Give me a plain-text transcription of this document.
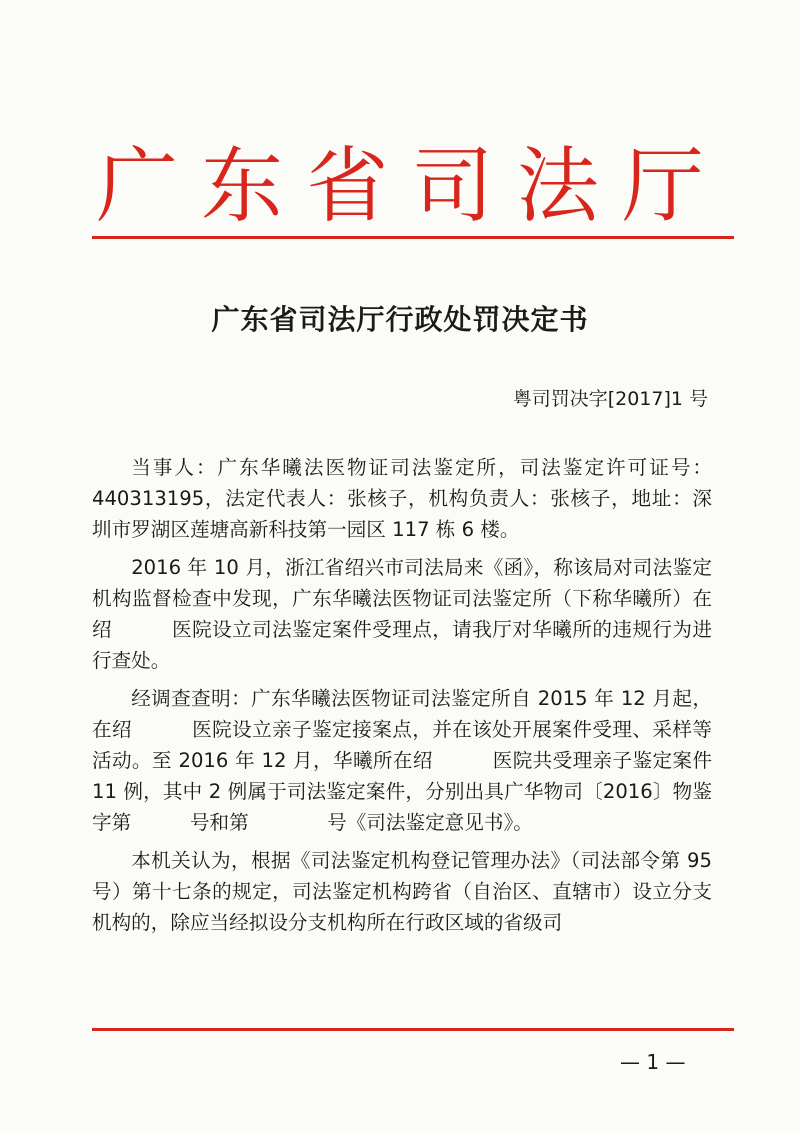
广 东 省 司 法 厅
广东省司法厅行政处罚决定书
粤司罚决字[2017]1 号

当事人：广东华曦法医物证司法鉴定所，司法鉴定许可证号：440313195，法定代表人：张核子，机构负责人：张核子，地址：深圳市罗湖区莲塘高新科技第一园区 117 栋 6 楼。

2016 年 10 月，浙江省绍兴市司法局来《函》，称该局对司法鉴定机构监督检查中发现，广东华曦法医物证司法鉴定所（下称华曦所）在绍　　　医院设立司法鉴定案件受理点，请我厅对华曦所的违规行为进行查处。

经调查查明：广东华曦法医物证司法鉴定所自 2015 年 12 月起，在绍　　　医院设立亲子鉴定接案点，并在该处开展案件受理、采样等活动。至 2016 年 12 月，华曦所在绍　　　医院共受理亲子鉴定案件 11 例，其中 2 例属于司法鉴定案件，分别出具广华物司〔2016〕物鉴字第　　　号和第　　　　号《司法鉴定意见书》。

本机关认为，根据《司法鉴定机构登记管理办法》（司法部令第 95 号）第十七条的规定，司法鉴定机构跨省（自治区、直辖市）设立分支机构的，除应当经拟设分支机构所在行政区域的省级司

— 1 —
